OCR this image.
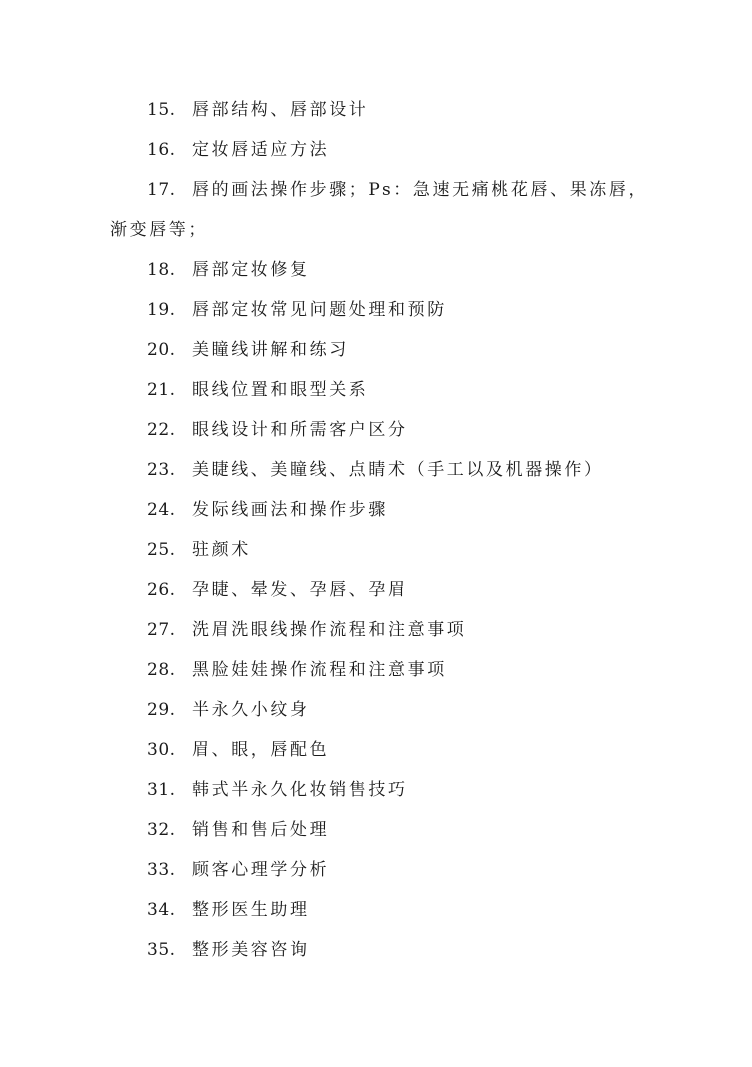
15. 唇部结构、唇部设计
16. 定妆唇适应方法
17. 唇的画法操作步骤；Ps：急速无痛桃花唇、果冻唇，
渐变唇等；
18. 唇部定妆修复
19. 唇部定妆常见问题处理和预防
20. 美瞳线讲解和练习
21. 眼线位置和眼型关系
22. 眼线设计和所需客户区分
23. 美睫线、美瞳线、点睛术（手工以及机器操作）
24. 发际线画法和操作步骤
25. 驻颜术
26. 孕睫、晕发、孕唇、孕眉
27. 洗眉洗眼线操作流程和注意事项
28. 黑脸娃娃操作流程和注意事项
29. 半永久小纹身
30. 眉、眼，唇配色
31. 韩式半永久化妆销售技巧
32. 销售和售后处理
33. 顾客心理学分析
34. 整形医生助理
35. 整形美容咨询
